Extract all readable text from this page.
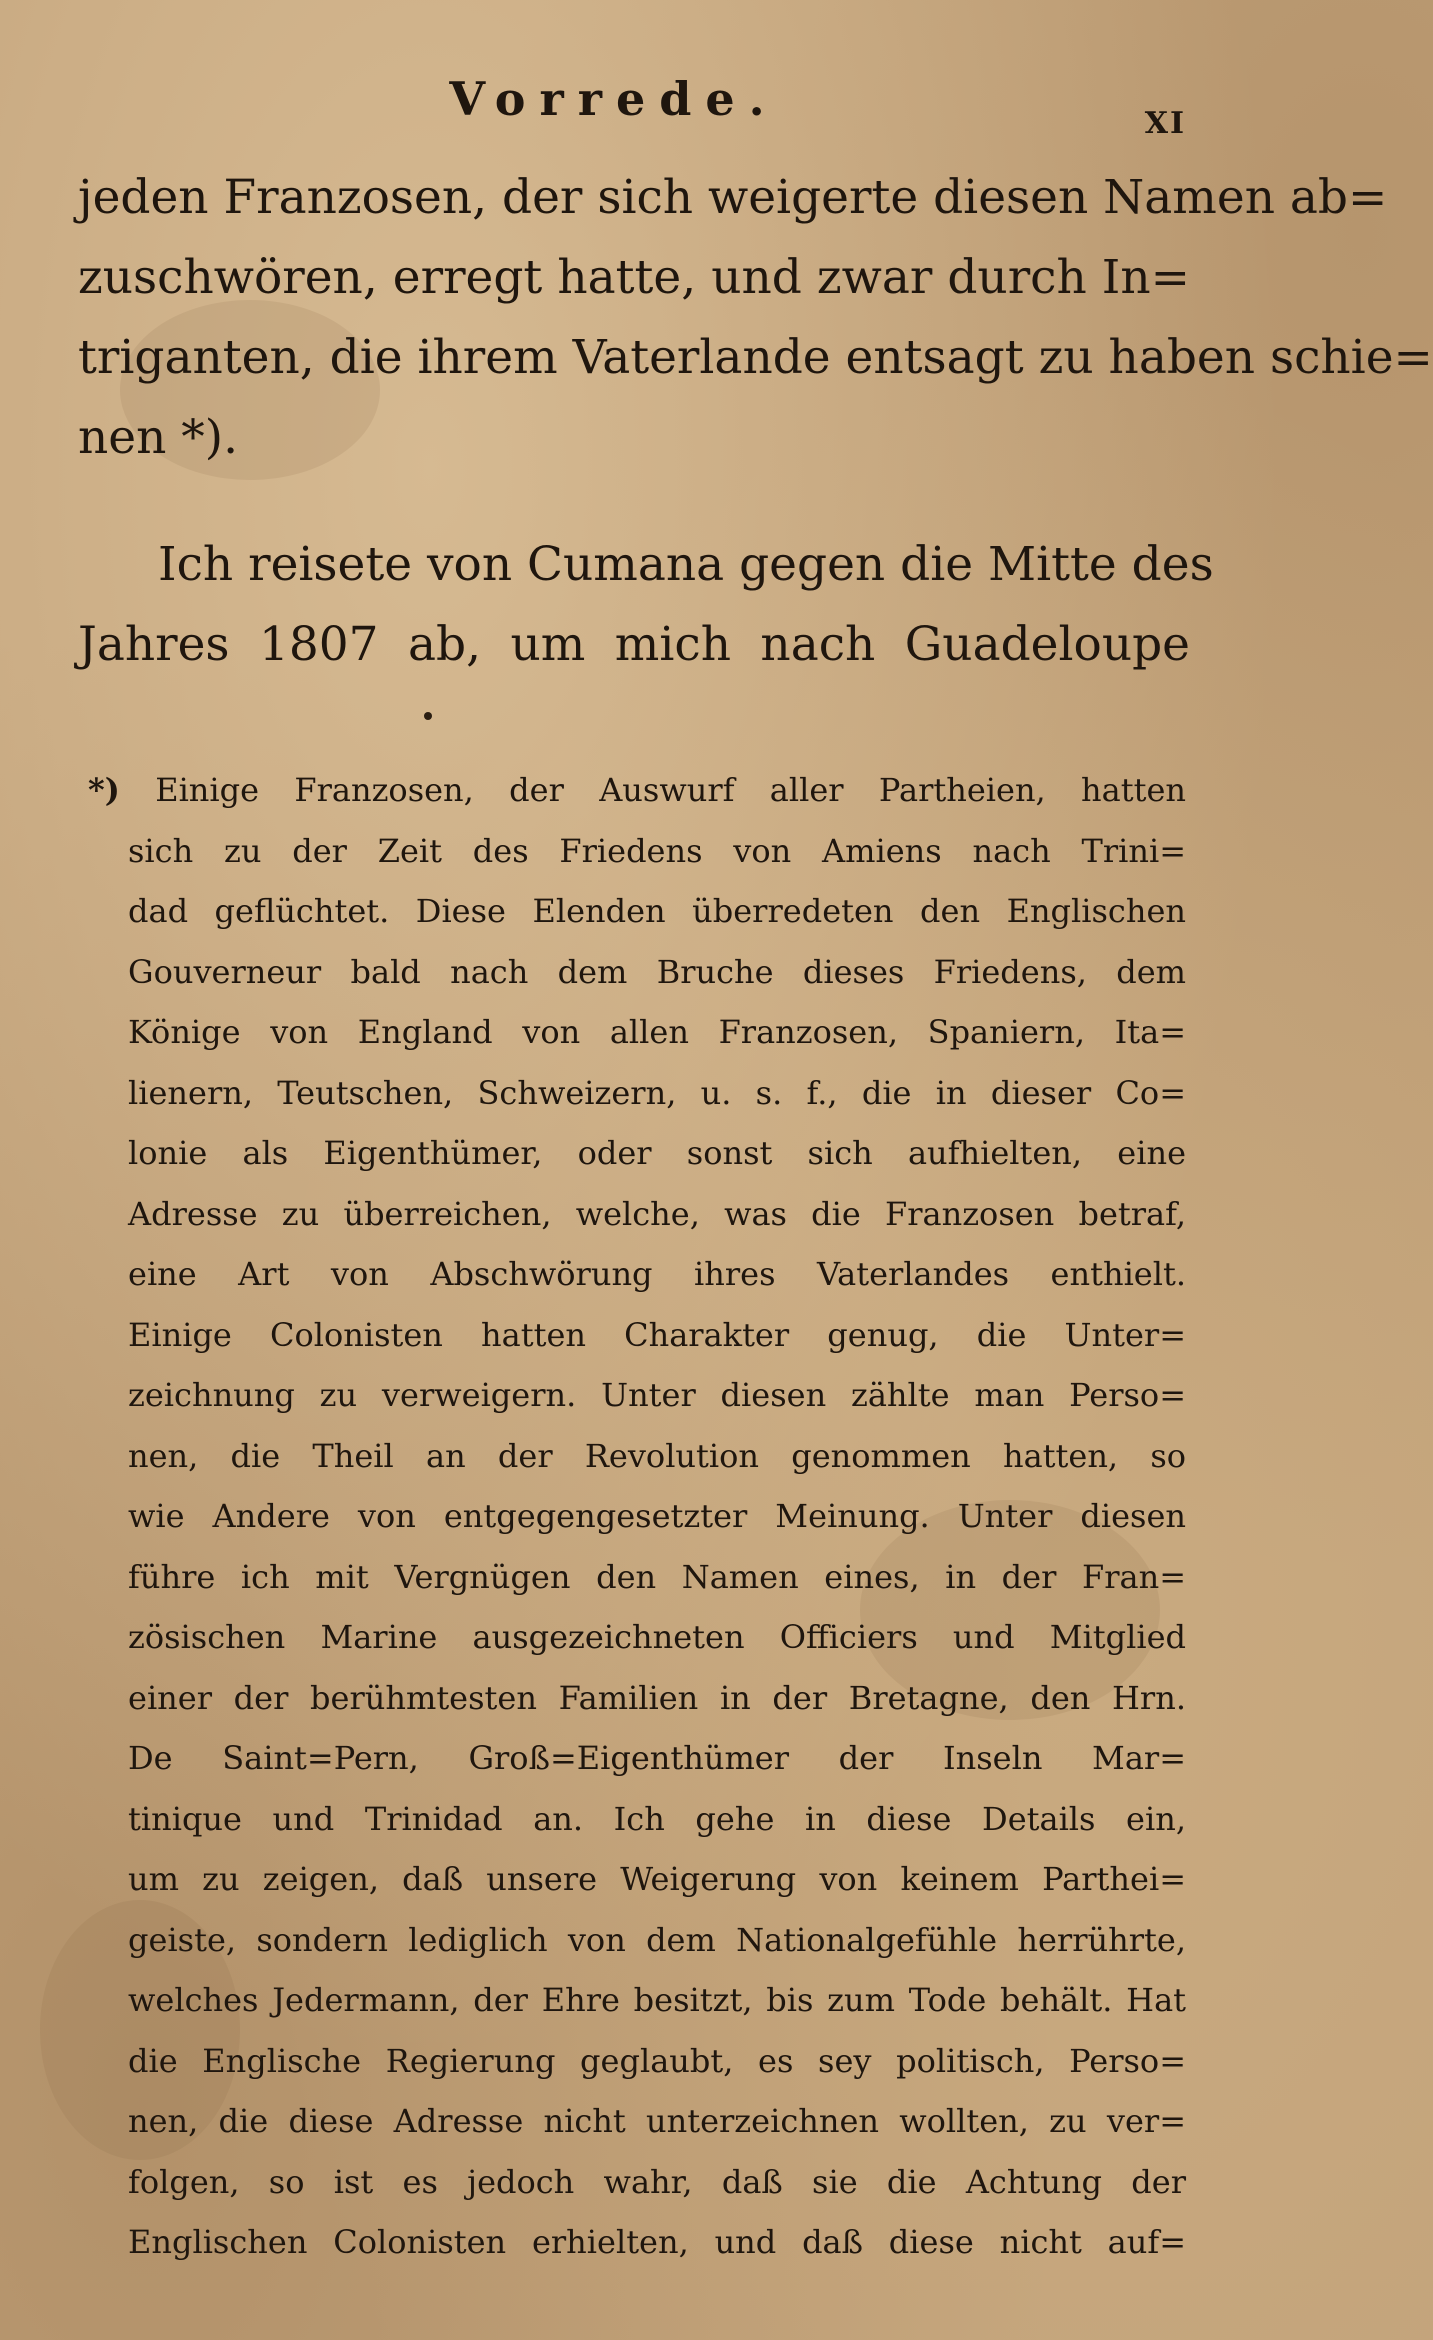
Vorrede.	XI
jeden Franzosen, der sich weigerte diesen Namen ab=
zuschwören, erregt hatte, und zwar durch In=
triganten, die ihrem Vaterlande entsagt zu haben schie=
nen *).
Ich reisete von Cumana gegen die Mitte des
Jahres 1807 ab, um mich nach Guadeloupe
*) Einige Franzosen, der Auswurf aller Partheien, hatten
sich zu der Zeit des Friedens von Amiens nach Trini=
dad geflüchtet. Diese Elenden überredeten den Englischen
Gouverneur bald nach dem Bruche dieses Friedens, dem
Könige von England von allen Franzosen, Spaniern, Ita=
lienern, Teutschen, Schweizern, u. s. f., die in dieser Co=
lonie als Eigenthümer, oder sonst sich aufhielten, eine
Adresse zu überreichen, welche, was die Franzosen betraf,
eine Art von Abschwörung ihres Vaterlandes enthielt.
Einige Colonisten hatten Charakter genug, die Unter=
zeichnung zu verweigern. Unter diesen zählte man Perso=
nen, die Theil an der Revolution genommen hatten, so
wie Andere von entgegengesetzter Meinung. Unter diesen
führe ich mit Vergnügen den Namen eines, in der Fran=
zösischen Marine ausgezeichneten Officiers und Mitglied
einer der berühmtesten Familien in der Bretagne, den Hrn.
De Saint=Pern, Groß=Eigenthümer der Inseln Mar=
tinique und Trinidad an. Ich gehe in diese Details ein,
um zu zeigen, daß unsere Weigerung von keinem Parthei=
geiste, sondern lediglich von dem Nationalgefühle herrührte,
welches Jedermann, der Ehre besitzt, bis zum Tode behält. Hat
die Englische Regierung geglaubt, es sey politisch, Perso=
nen, die diese Adresse nicht unterzeichnen wollten, zu ver=
folgen, so ist es jedoch wahr, daß sie die Achtung der
Englischen Colonisten erhielten, und daß diese nicht auf=
